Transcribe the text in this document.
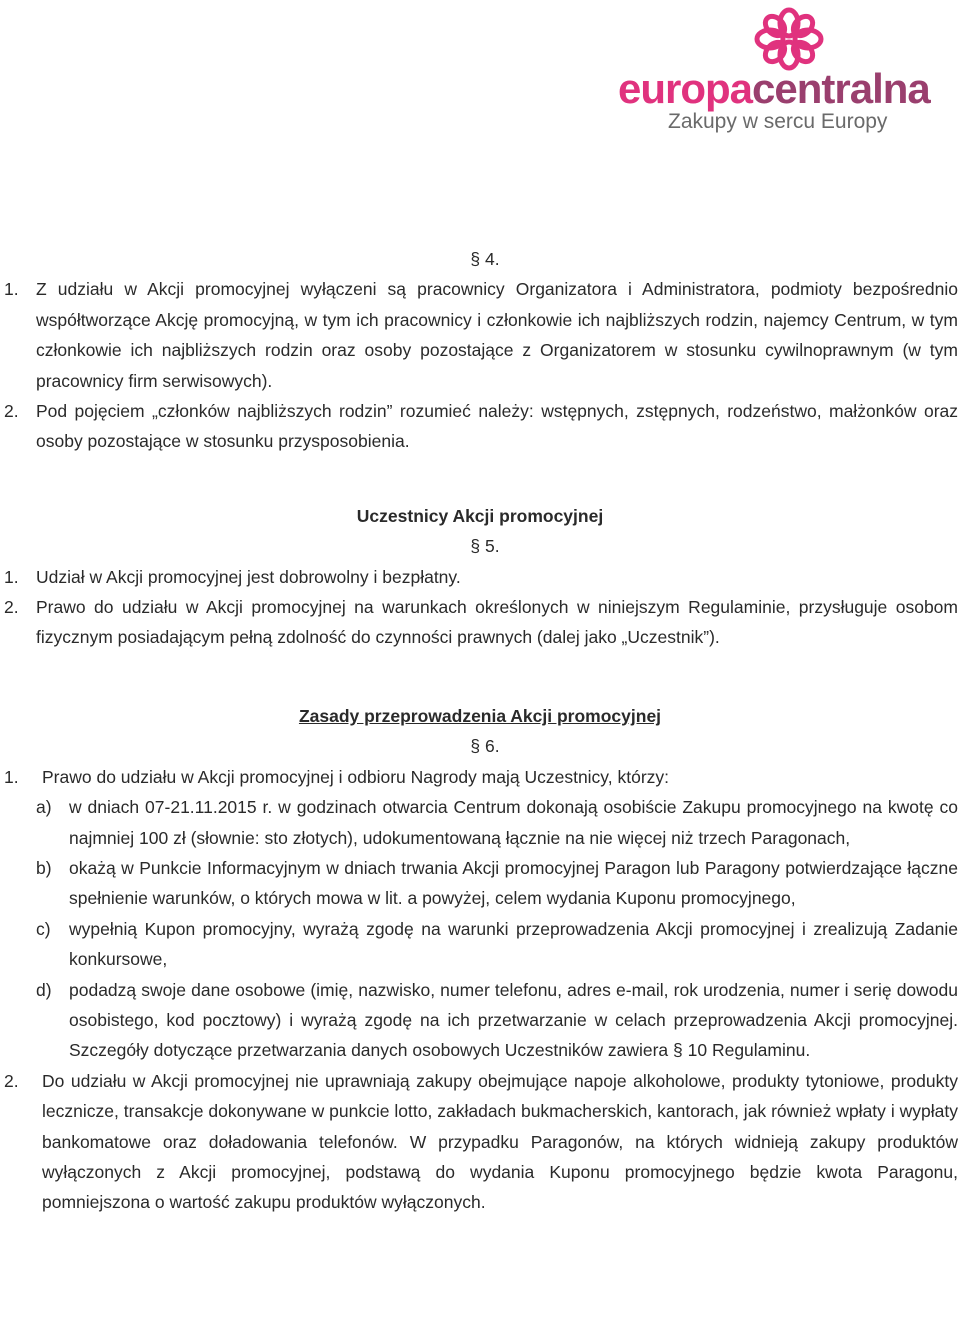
europacentralna
Zakupy w sercu Europy

§ 4.

1. Z udziału w Akcji promocyjnej wyłączeni są pracownicy Organizatora i Administratora, podmioty bezpośrednio współtworzące Akcję promocyjną, w tym ich pracownicy i członkowie ich najbliższych rodzin, najemcy Centrum, w tym członkowie ich najbliższych rodzin oraz osoby pozostające z Organizatorem w stosunku cywilnoprawnym (w tym pracownicy firm serwisowych).
2. Pod pojęciem „członków najbliższych rodzin” rozumieć należy: wstępnych, zstępnych, rodzeństwo, małżonków oraz osoby pozostające w stosunku przysposobienia.

Uczestnicy Akcji promocyjnej

§ 5.

1. Udział w Akcji promocyjnej jest dobrowolny i bezpłatny.
2. Prawo do udziału w Akcji promocyjnej na warunkach określonych w niniejszym Regulaminie, przysługuje osobom fizycznym posiadającym pełną zdolność do czynności prawnych (dalej jako „Uczestnik”).

Zasady przeprowadzenia Akcji promocyjnej

§ 6.

1. Prawo do udziału w Akcji promocyjnej i odbioru Nagrody mają Uczestnicy, którzy:
a) w dniach 07-21.11.2015 r. w godzinach otwarcia Centrum dokonają osobiście Zakupu promocyjnego na kwotę co najmniej 100 zł (słownie: sto złotych), udokumentowaną łącznie na nie więcej niż trzech Paragonach,
b) okażą w Punkcie Informacyjnym w dniach trwania Akcji promocyjnej Paragon lub Paragony potwierdzające łączne spełnienie warunków, o których mowa w lit. a powyżej, celem wydania Kuponu promocyjnego,
c) wypełnią Kupon promocyjny, wyrażą zgodę na warunki przeprowadzenia Akcji promocyjnej i zrealizują Zadanie konkursowe,
d) podadzą swoje dane osobowe (imię, nazwisko, numer telefonu, adres e-mail, rok urodzenia, numer i serię dowodu osobistego, kod pocztowy) i wyrażą zgodę na ich przetwarzanie w celach przeprowadzenia Akcji promocyjnej. Szczegóły dotyczące przetwarzania danych osobowych Uczestników zawiera § 10 Regulaminu.
2. Do udziału w Akcji promocyjnej nie uprawniają zakupy obejmujące napoje alkoholowe, produkty tytoniowe, produkty lecznicze, transakcje dokonywane w punkcie lotto, zakładach bukmacherskich, kantorach, jak również wpłaty i wypłaty bankomatowe oraz doładowania telefonów. W przypadku Paragonów, na których widnieją zakupy produktów wyłączonych z Akcji promocyjnej, podstawą do wydania Kuponu promocyjnego będzie kwota Paragonu, pomniejszona o wartość zakupu produktów wyłączonych.
